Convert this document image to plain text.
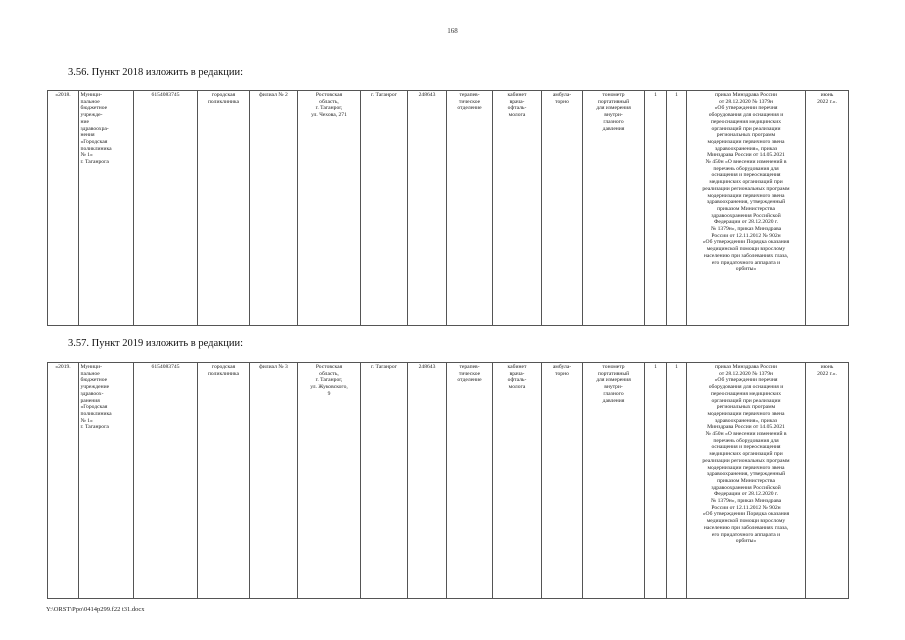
168
3.56. Пункт 2018 изложить в редакции:
«2018.	Муници-
пальное
бюджетное
учрежде-
ние
здравоохра-
нения
«Городская
поликлиника
№ 1»
г. Таганрога	6154083745	городская
поликлиника	филиал № 2	Ростовская
область,
г. Таганрог,
ул. Чехова, 271	г. Таганрог	248643	терапев-
тическое
отделение	кабинет
врача-
офталь-
молога	амбула-
торно	тонометр
портативный
для измерения
внутри-
глазного
давления	1	1	приказ Минздрава России
от 28.12.2020 № 1379н
«Об утверждении перечня
оборудования для оснащения и
переоснащения медицинских
организаций при реализации
региональных программ
модернизации первичного звена
здравоохранения», приказ
Минздрава России от 14.05.2021
№ 450н «О внесении изменений в
перечень оборудования для
оснащения и переоснащения
медицинских организаций при
реализации региональных программ
модернизации первичного звена
здравоохранения, утвержденный
приказом Министерства
здравоохранения Российской
Федерации от 28.12.2020 г.
№ 1379н», приказ Минздрава
России от 12.11.2012 № 902н
«Об утверждении Порядка оказания
медицинской помощи взрослому
населению при заболеваниях глаза,
его придаточного аппарата и
орбиты»	июнь
2022 г.».
3.57. Пункт 2019 изложить в редакции:
«2019.	Муници-
пальное
бюджетное
учреждение
здравоох-
ранения
«Городская
поликлиника
№ 1»
г. Таганрога	6154083745	городская
поликлиника	филиал № 3	Ростовская
область,
г. Таганрог,
ул. Жуковского,
9	г. Таганрог	248643	терапев-
тическое
отделение	кабинет
врача-
офталь-
молога	амбула-
торно	тонометр
портативный
для измерения
внутри-
глазного
давления	1	1	приказ Минздрава России
от 28.12.2020 № 1379н
«Об утверждении перечня
оборудования для оснащения и
переоснащения медицинских
организаций при реализации
региональных программ
модернизации первичного звена
здравоохранения», приказ
Минздрава России от 14.05.2021
№ 450н «О внесении изменений в
перечень оборудования для
оснащения и переоснащения
медицинских организаций при
реализации региональных программ
модернизации первичного звена
здравоохранения, утвержденный
приказом Министерства
здравоохранения Российской
Федерации от 28.12.2020 г.
№ 1379н», приказ Минздрава
России от 12.11.2012 № 902н
«Об утверждении Порядка оказания
медицинской помощи взрослому
населению при заболеваниях глаза,
его придаточного аппарата и
орбиты»	июнь
2022 г.».
Y:\ORST\Ppo\0414p299.f22 t31.docx
